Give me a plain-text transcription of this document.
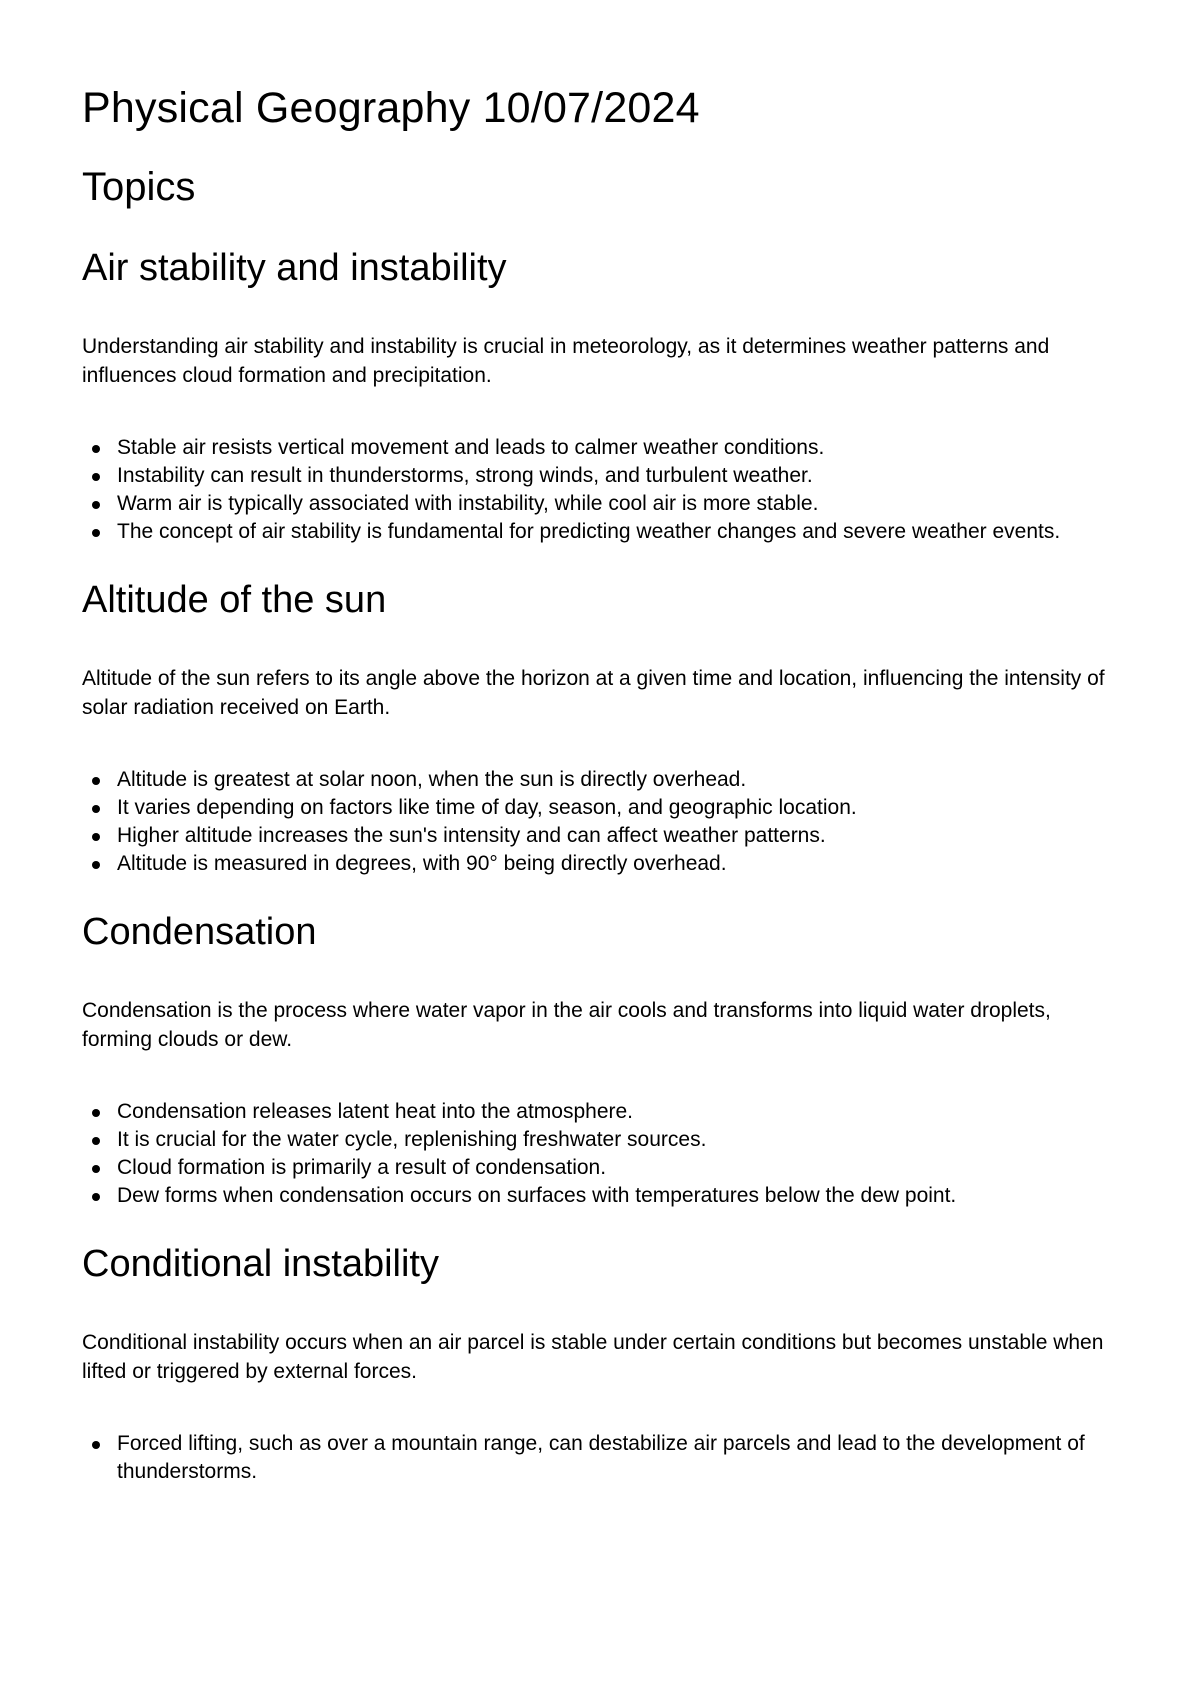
Physical Geography 10/07/2024
Topics
Air stability and instability

Understanding air stability and instability is crucial in meteorology, as it determines weather patterns and influences cloud formation and precipitation.

Stable air resists vertical movement and leads to calmer weather conditions.
Instability can result in thunderstorms, strong winds, and turbulent weather.
Warm air is typically associated with instability, while cool air is more stable.
The concept of air stability is fundamental for predicting weather changes and severe weather events.
Altitude of the sun

Altitude of the sun refers to its angle above the horizon at a given time and location, influencing the intensity of solar radiation received on Earth.

Altitude is greatest at solar noon, when the sun is directly overhead.
It varies depending on factors like time of day, season, and geographic location.
Higher altitude increases the sun's intensity and can affect weather patterns.
Altitude is measured in degrees, with 90° being directly overhead.
Condensation

Condensation is the process where water vapor in the air cools and transforms into liquid water droplets, forming clouds or dew.

Condensation releases latent heat into the atmosphere.
It is crucial for the water cycle, replenishing freshwater sources.
Cloud formation is primarily a result of condensation.
Dew forms when condensation occurs on surfaces with temperatures below the dew point.
Conditional instability

Conditional instability occurs when an air parcel is stable under certain conditions but becomes unstable when lifted or triggered by external forces.

Forced lifting, such as over a mountain range, can destabilize air parcels and lead to the development of thunderstorms.
